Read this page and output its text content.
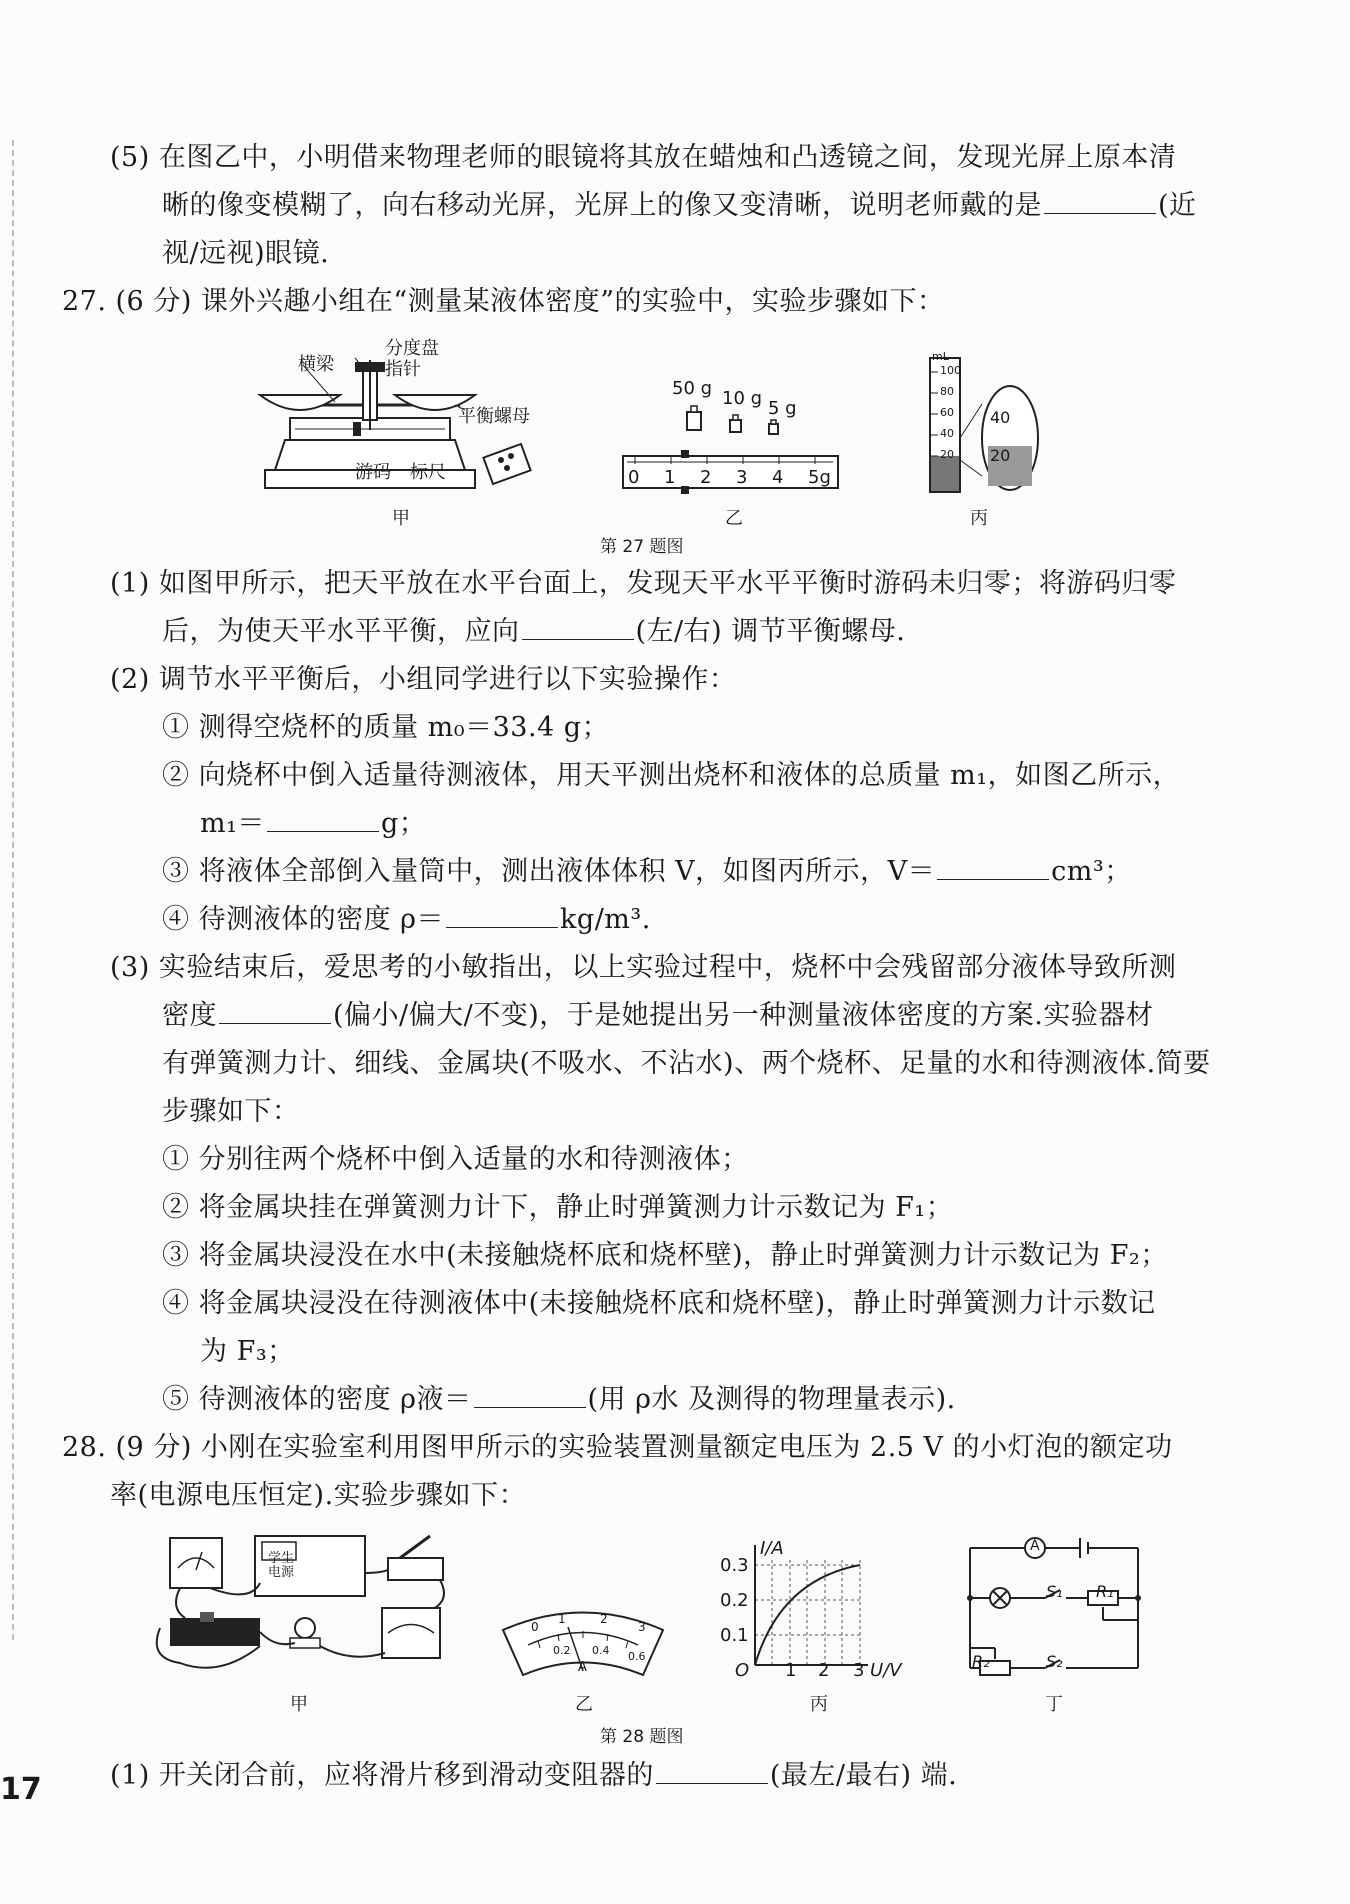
(5) 在图乙中，小明借来物理老师的眼镜将其放在蜡烛和凸透镜之间，发现光屏上原本清
晰的像变模糊了，向右移动光屏，光屏上的像又变清晰，说明老师戴的是	(近
视/远视)眼镜.
27. (6 分) 课外兴趣小组在“测量某液体密度”的实验中，实验步骤如下：
横梁
分度盘
指针
平衡螺母
游码 标尺
甲
50 g 10 g 5 g
0 1 2 3 4 5g
乙
mL
100
80
60
40
20
40
20
丙
第 27 题图
(1) 如图甲所示，把天平放在水平台面上，发现天平水平平衡时游码未归零；将游码归零
后，为使天平水平平衡，应向	(左/右) 调节平衡螺母.
(2) 调节水平平衡后，小组同学进行以下实验操作：
① 测得空烧杯的质量 m₀＝33.4 g；
② 向烧杯中倒入适量待测液体，用天平测出烧杯和液体的总质量 m₁，如图乙所示，
m₁＝	g；
③ 将液体全部倒入量筒中，测出液体体积 V，如图丙所示，V＝	cm³；
④ 待测液体的密度 ρ＝	kg/m³.
(3) 实验结束后，爱思考的小敏指出，以上实验过程中，烧杯中会残留部分液体导致所测
密度	(偏小/偏大/不变)，于是她提出另一种测量液体密度的方案.实验器材
有弹簧测力计、细线、金属块(不吸水、不沾水)、两个烧杯、足量的水和待测液体.简要
步骤如下：
① 分别往两个烧杯中倒入适量的水和待测液体；
② 将金属块挂在弹簧测力计下，静止时弹簧测力计示数记为 F₁；
③ 将金属块浸没在水中(未接触烧杯底和烧杯壁)，静止时弹簧测力计示数记为 F₂；
④ 将金属块浸没在待测液体中(未接触烧杯底和烧杯壁)，静止时弹簧测力计示数记
为 F₃；
⑤ 待测液体的密度 ρ液＝	(用 ρ水 及测得的物理量表示).
28. (9 分) 小刚在实验室利用图甲所示的实验装置测量额定电压为 2.5 V 的小灯泡的额定功
率(电源电压恒定).实验步骤如下：
学生电源
甲
0
1	2
3
0.2 0.4 0.6
A
乙
I/A
U/V
0.3
0.2
0.1
O 1 2 3
丙
A
S₁ R₁
R₂	S₂
丁
第 28 题图
(1) 开关闭合前，应将滑片移到滑动变阻器的	(最左/最右) 端.
17
